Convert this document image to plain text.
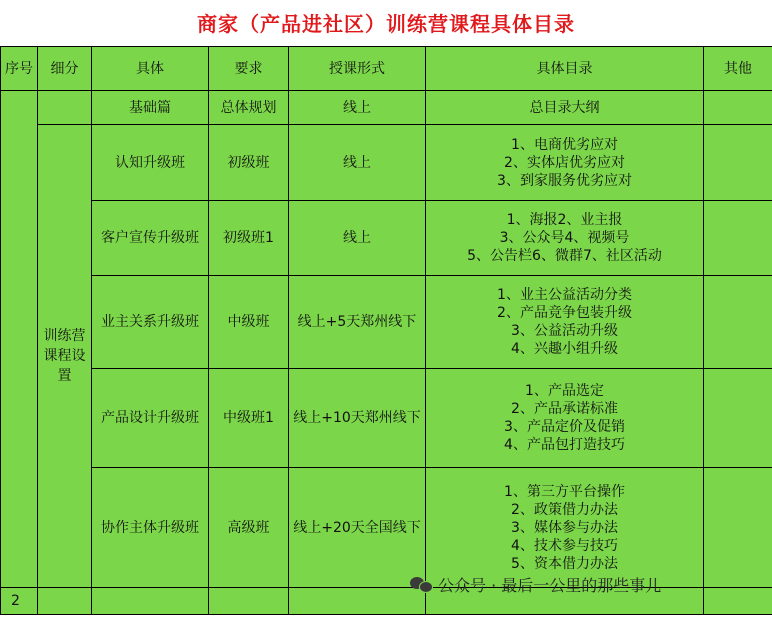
商家（产品进社区）训练营课程具体目录
序号	细分	具体	要求	授课形式	具体目录	其他
		基础篇	总体规划	线上	总目录大纲	
	训练营课程设置	认知升级班	初级班	线上	1、电商优劣应对
2、实体店优劣应对
3、到家服务优劣应对	

		客户宣传升级班	初级班1	线上	1、海报2、业主报
3、公众号4、视频号
5、公告栏6、微群7、社区活动	

		业主关系升级班	中级班	线上+5天郑州线下	1、业主公益活动分类
2、产品竞争包装升级
3、公益活动升级
4、兴趣小组升级	

		产品设计升级班	中级班1	线上+10天郑州线下	1、产品选定
2、产品承诺标准
3、产品定价及促销
4、产品包打造技巧	

		协作主体升级班	高级班	线上+20天全国线下	1、第三方平台操作
2、政策借力办法
3、媒体参与办法
4、技术参与技巧
5、资本借力办法	

2						
公众号 · 最后一公里的那些事儿
